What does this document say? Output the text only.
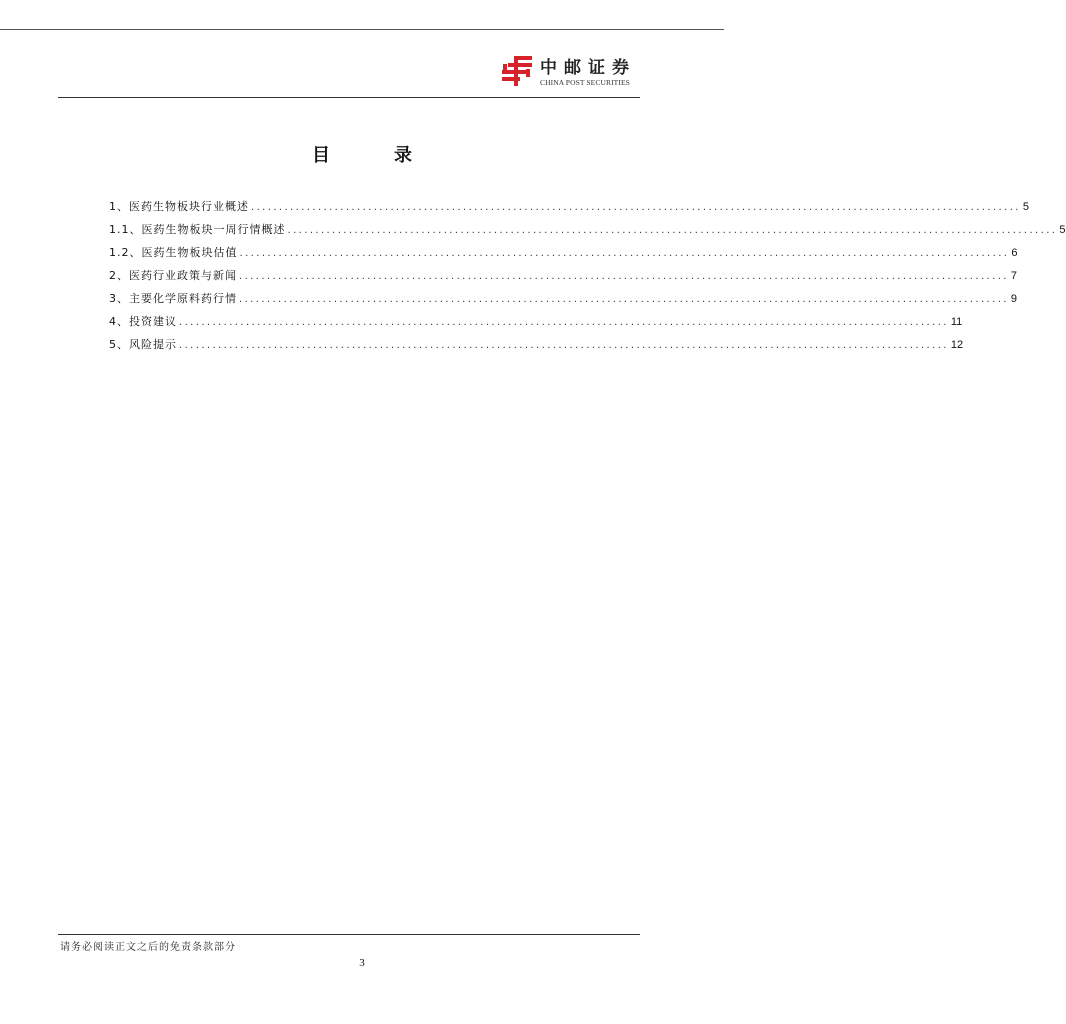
中邮证券
CHINA POST SECURITIES
目	录
1、医药生物板块行业概述 .......................................................................................................................................... 5
1.1、医药生物板块一周行情概述 .......................................................................................................................................... 5
1.2、医药生物板块估值 .......................................................................................................................................... 6
2、医药行业政策与新闻 .......................................................................................................................................... 7
3、主要化学原料药行情 .......................................................................................................................................... 9
4、投资建议 .......................................................................................................................................... 11
5、风险提示 .......................................................................................................................................... 12
请务必阅读正文之后的免责条款部分
3
